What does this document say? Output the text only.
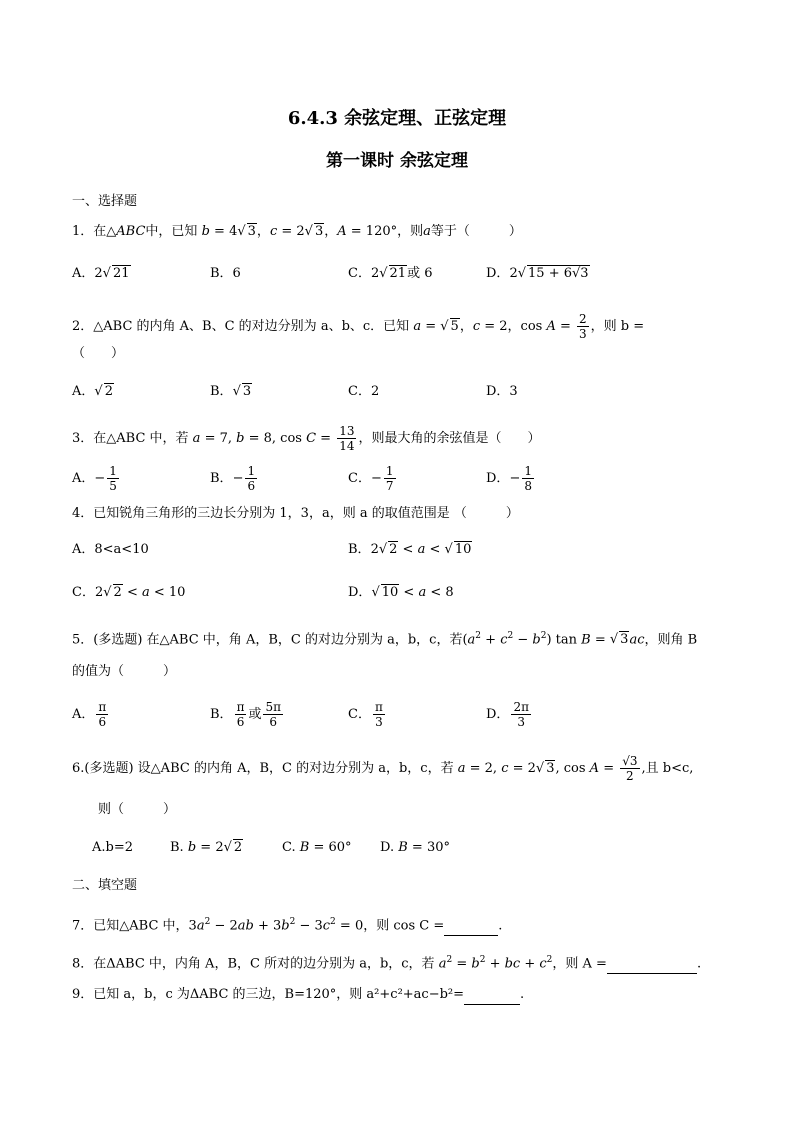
6.4.3 余弦定理、正弦定理
第一课时 余弦定理
一、选择题
1．在△ABC中，已知 b = 4 √ 3，c = 2 √ 3，A = 120°，则a等于（　　　）
A．2 √ 21	B．6	C．2 √ 21或 6	D．2 √ 15 + 6√3
2．△ABC 的内角 A、B、C 的对边分别为 a、b、c．已知 a = √ 5，c = 2，$\cos A = \frac{2}{3}$ ，则 b =
（　　）
A． √ 2	B． √ 3	C．2	D．3
3．在△ABC 中，若 a = 7, b = 8, $\cos C = \frac{13}{14}$ ，则最大角的余弦值是（　　）
A．− $\frac{1}{5}$	B．− $\frac{1}{6}$	C．− $\frac{1}{7}$	D．− $\frac{1}{8}$
4．已知锐角三角形的三边长分别为 1，3，a，则 a 的取值范围是 （　　　）
A．8<a<10	B．2 √ 2 < a < √ 10
C．2 √ 2 < a < 10	D． √ 10 < a < 8
5．(多选题) 在△ABC 中，角 A，B，C 的对边分别为 a，b，c，若$(a^2 + c^2 - b^2)$ tan B = √ 3ac，则角 B
的值为（　　　）
A． $\frac{\pi}{6}$	B． $\frac{\pi}{6}$ 或 $\frac{5\pi}{6}$	C． $\frac{\pi}{3}$	D． $\frac{2\pi}{3}$
6.(多选题) 设△ABC 的内角 A，B，C 的对边分别为 a，b，c，若 a = 2, c = 2 √ 3, $\cos A = \frac{√3}{2}$ ,且 b<c,
则（　　　）
A.b=2	B. b = 2 √ 2	C. B = 60° D. B = 30°
二、填空题
7．已知△ABC 中，$3a^2 - 2ab + 3b^2 - 3c^2 = 0$，则 cos C =	.
8．在ΔABC 中，内角 A，B，C 所对的边分别为 a，b，c，若 $a^2 = b^2$ + bc + $c^2$，则 A =	.
9．已知 a，b，c 为ΔABC 的三边，B=120°，则 a²+c²+ac−b²=	.
